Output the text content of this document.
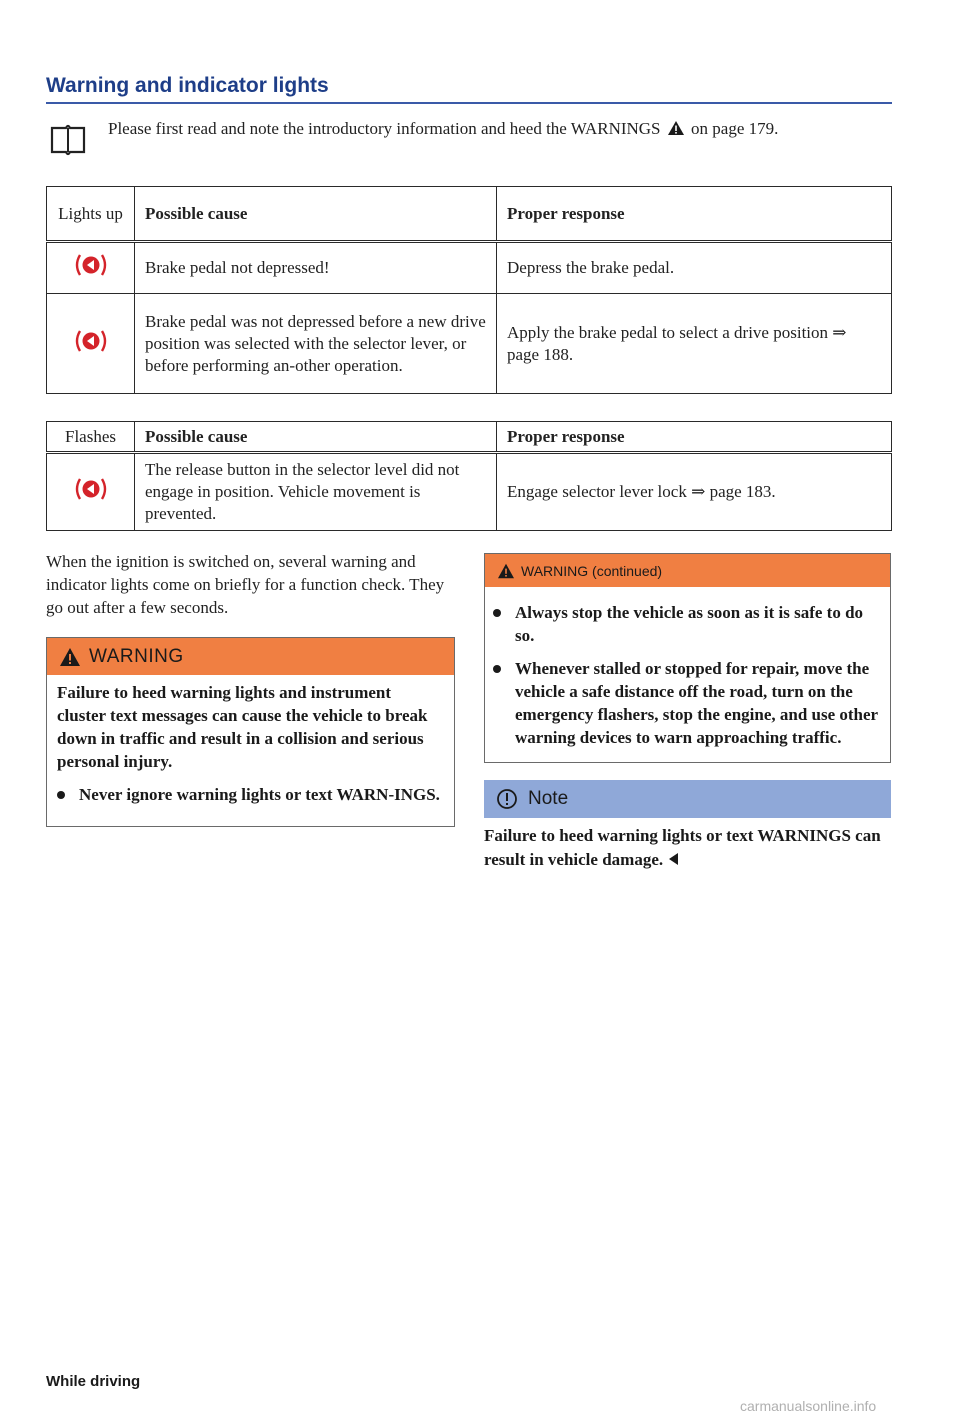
Warning and indicator lights
Please first read and note the introductory information and heed the WARNINGS on page 179.
Lights up	Possible cause	Proper response
	Brake pedal not depressed!	Depress the brake pedal.
	Brake pedal was not depressed before a new drive position was selected with the selector lever, or before performing an-other operation.	Apply the brake pedal to select a drive position ⇒ page 188.
Flashes	Possible cause	Proper response
	The release button in the selector level did not engage in position. Vehicle movement is prevented.	Engage selector lever lock ⇒ page 183.
When the ignition is switched on, several warning and indicator lights come on briefly for a function check. They go out after a few seconds.
WARNING
Failure to heed warning lights and instrument cluster text messages can cause the vehicle to break down in traffic and result in a collision and serious personal injury.
Never ignore warning lights or text WARN-INGS.
WARNING (continued)
Always stop the vehicle as soon as it is safe to do so.
Whenever stalled or stopped for repair, move the vehicle a safe distance off the road, turn on the emergency flashers, stop the engine, and use other warning devices to warn approaching traffic.
Note
Failure to heed warning lights or text WARNINGS can result in vehicle damage.
While driving
carmanualsonline.info
